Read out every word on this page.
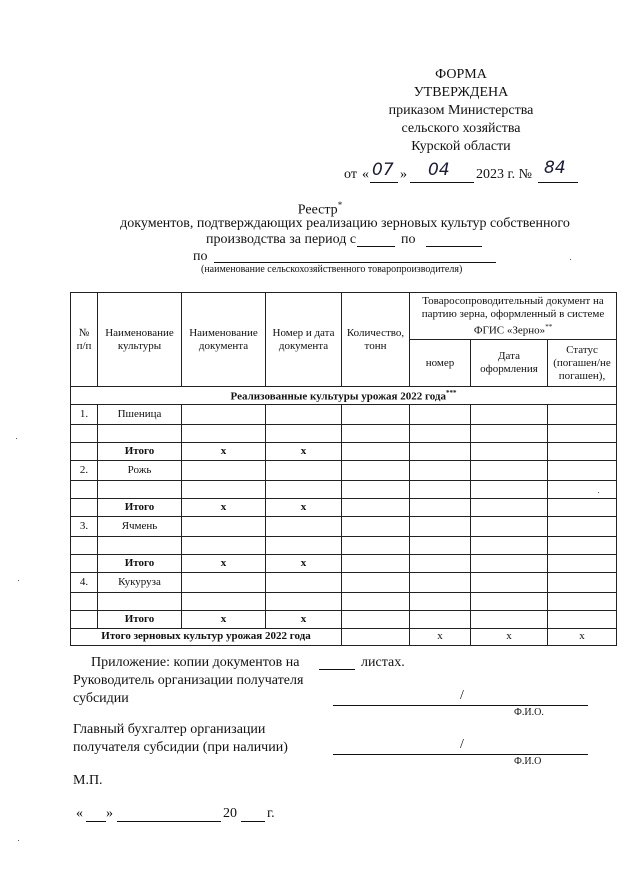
ФОРМА
УТВЕРЖДЕНА
приказом Министерства
сельского хозяйства
Курской области
от « 07 » 04 2023 г. № 84
Реестр*
документов, подтверждающих реализацию зерновых культур собственного
производства за период с	по
по
(наименование сельскохозяйственного товаропроизводителя)
№ п/п	Наименование культуры	Наименование документа	Номер и дата документа	Количество, тонн	Товаросопроводительный документ на партию зерна, оформленный в системе ФГИС «Зерно»**
					номер	Дата оформления	Статус (погашен/не погашен),
Реализованные культуры урожая 2022 года***
1.	Пшеница						

	Итого	х	х				
2.	Рожь						

	Итого	х	х				
3.	Ячмень						

	Итого	х	х				
4.	Кукуруза						

	Итого	х	х				
Итого зерновых культур урожая 2022 года					х	х	х
Приложение: копии документов на	листах.
Руководитель организации получателя
субсидии	/
Ф.И.О.
Главный бухгалтер организации
получателя субсидии (при наличии)	/
Ф.И.О
М.П.
« »	20 г.
